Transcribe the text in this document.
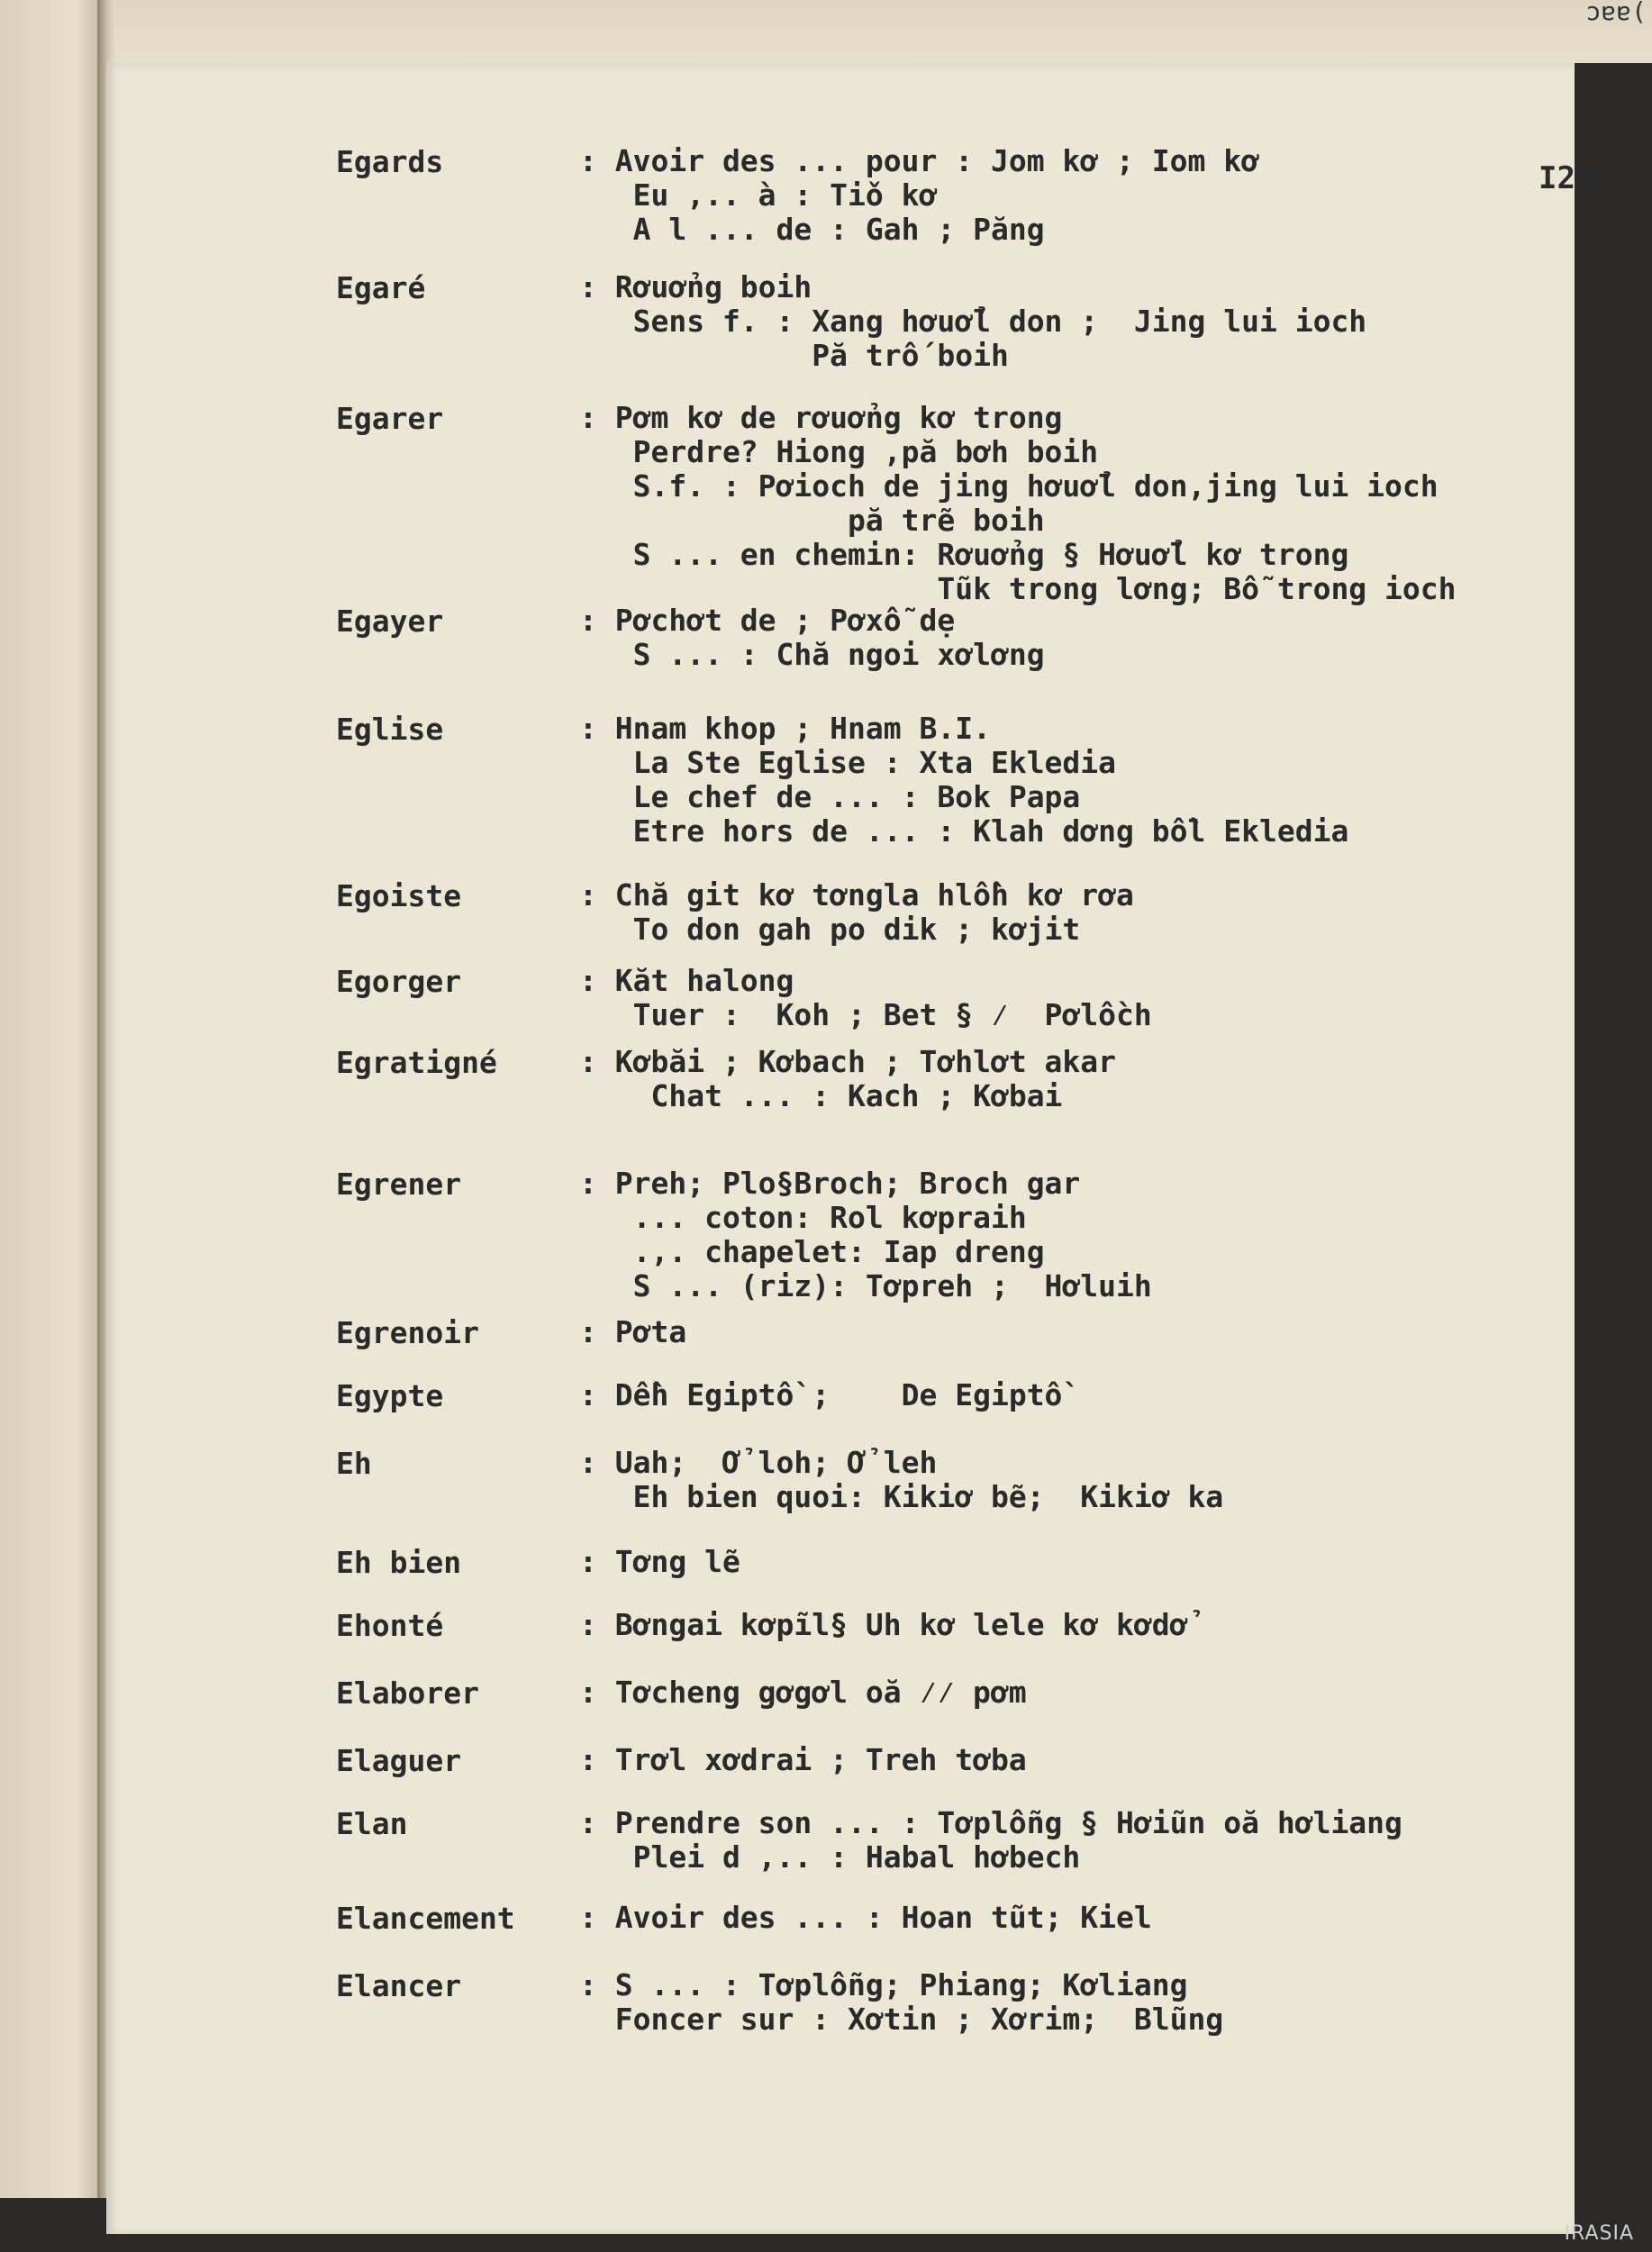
ɔɐɐ(
I28
Egards	: Avoir des ... pour : Jom kơ ; Iom kơ
Eu ,.. à : Tiǒ kơ
A l ... de : Gah ; Păng
Egaré	: Rơuởng boih
Sens f. : Xang hơuởl don ;  Jing lui ioch
Pă trố boih
Egarer	: Pơm kơ de rơuởng kơ trong
Perdre? Hiong ,pă bơh boih
S.f. : Pơioch de jing hơuởl don,jing lui ioch
pă trẽ boih
S ... en chemin: Rơuởng § Hơuởl kơ trong
Tũk trong lơng; Bỗ trong ioch
Egayer	: Pơchơt de ; Pơxỗ dẹ
S ... : Chă ngoi xơlơng
Eglise	: Hnam khop ; Hnam B.I.
La Ste Eglise : Xta Ekledia
Le chef de ... : Bok Papa
Etre hors de ... : Klah dơng bồl Ekledia
Egoiste	: Chă git kơ tơngla hlồh kơ rơa
To don gah po dik ; kơjit
Egorger	: Kăt halong
Tuer :  Koh ; Bet § ⁄  Pơlồch
Egratigné	: Kơbăi ; Kơbach ; Tơhlơt akar
Chat ... : Kach ; Kơbai
Egrener	: Preh; Plo§Broch; Broch gar
... coton: Rol kơpraih
.,. chapelet: Iap dreng
S ... (riz): Tơpreh ;  Hơluih
Egrenoir	: Pơta
Egypte	: Dềh Egiptồ ;    De Egiptồ
Eh	: Uah;  Ở loh; Ở leh
Eh bien quoi: Kikiơ bẽ;  Kikiơ ka
Eh bien	: Tơng lẽ
Ehonté	: Bơngai kơpĩl§ Uh kơ lele kơ kơdở
Elaborer	: Tơcheng gơgơl oă ⁄⁄ pơm
Elaguer	: Trơl xơdrai ; Treh tơba
Elan	: Prendre son ... : Tơplỗng § Hơiũn oă hơliang
Plei d ,.. : Habal hơbech
Elancement : Avoir des ... : Hoan tũt; Kiel
Elancer	: S ... : Tơplỗng; Phiang; Kơliang
Foncer sur : Xơtin ; Xơrim;  Blũng
IRASIA
